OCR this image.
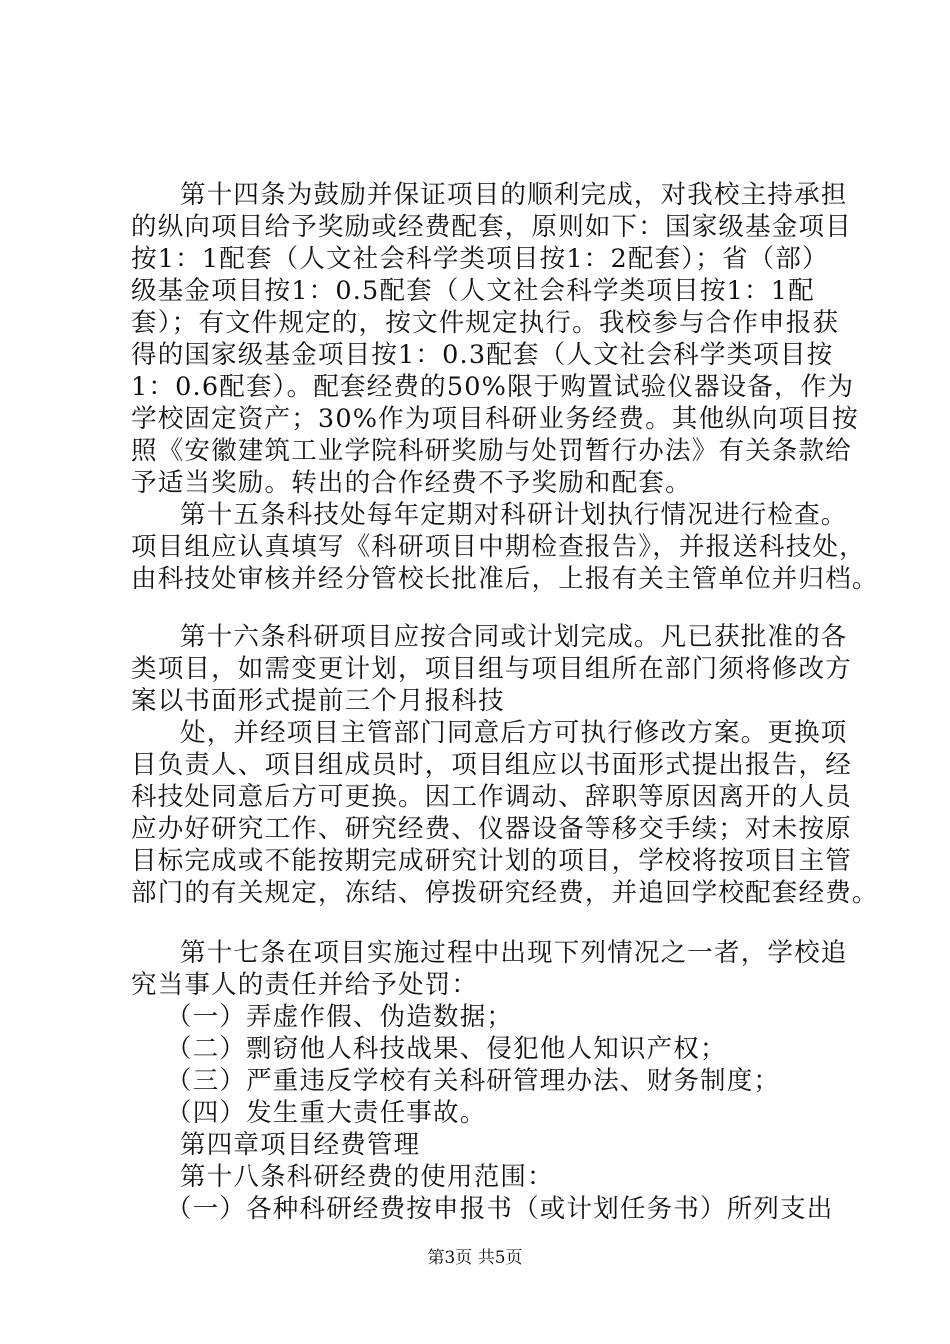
第十四条为鼓励并保证项目的顺利完成，对我校主持承担
的纵向项目给予奖励或经费配套，原则如下：国家级基金项目
按1：1配套（人文社会科学类项目按1：2配套）；省（部）
级基金项目按1：0.5配套（人文社会科学类项目按1：1配
套）；有文件规定的，按文件规定执行。我校参与合作申报获
得的国家级基金项目按1：0.3配套（人文社会科学类项目按
1：0.6配套）。配套经费的50%限于购置试验仪器设备，作为
学校固定资产；30%作为项目科研业务经费。其他纵向项目按
照《安徽建筑工业学院科研奖励与处罚暂行办法》有关条款给
予适当奖励。转出的合作经费不予奖励和配套。
第十五条科技处每年定期对科研计划执行情况进行检查。
项目组应认真填写《科研项目中期检查报告》，并报送科技处，
由科技处审核并经分管校长批准后，上报有关主管单位并归档。
第十六条科研项目应按合同或计划完成。凡已获批准的各
类项目，如需变更计划，项目组与项目组所在部门须将修改方
案以书面形式提前三个月报科技
处，并经项目主管部门同意后方可执行修改方案。更换项
目负责人、项目组成员时，项目组应以书面形式提出报告，经
科技处同意后方可更换。因工作调动、辞职等原因离开的人员
应办好研究工作、研究经费、仪器设备等移交手续；对未按原
目标完成或不能按期完成研究计划的项目，学校将按项目主管
部门的有关规定，冻结、停拨研究经费，并追回学校配套经费。
第十七条在项目实施过程中出现下列情况之一者，学校追
究当事人的责任并给予处罚：
（一）弄虚作假、伪造数据；
（二）剽窃他人科技战果、侵犯他人知识产权；
（三）严重违反学校有关科研管理办法、财务制度；
（四）发生重大责任事故。
第四章项目经费管理
第十八条科研经费的使用范围：
（一）各种科研经费按申报书（或计划任务书）所列支出
第3页 共5页
